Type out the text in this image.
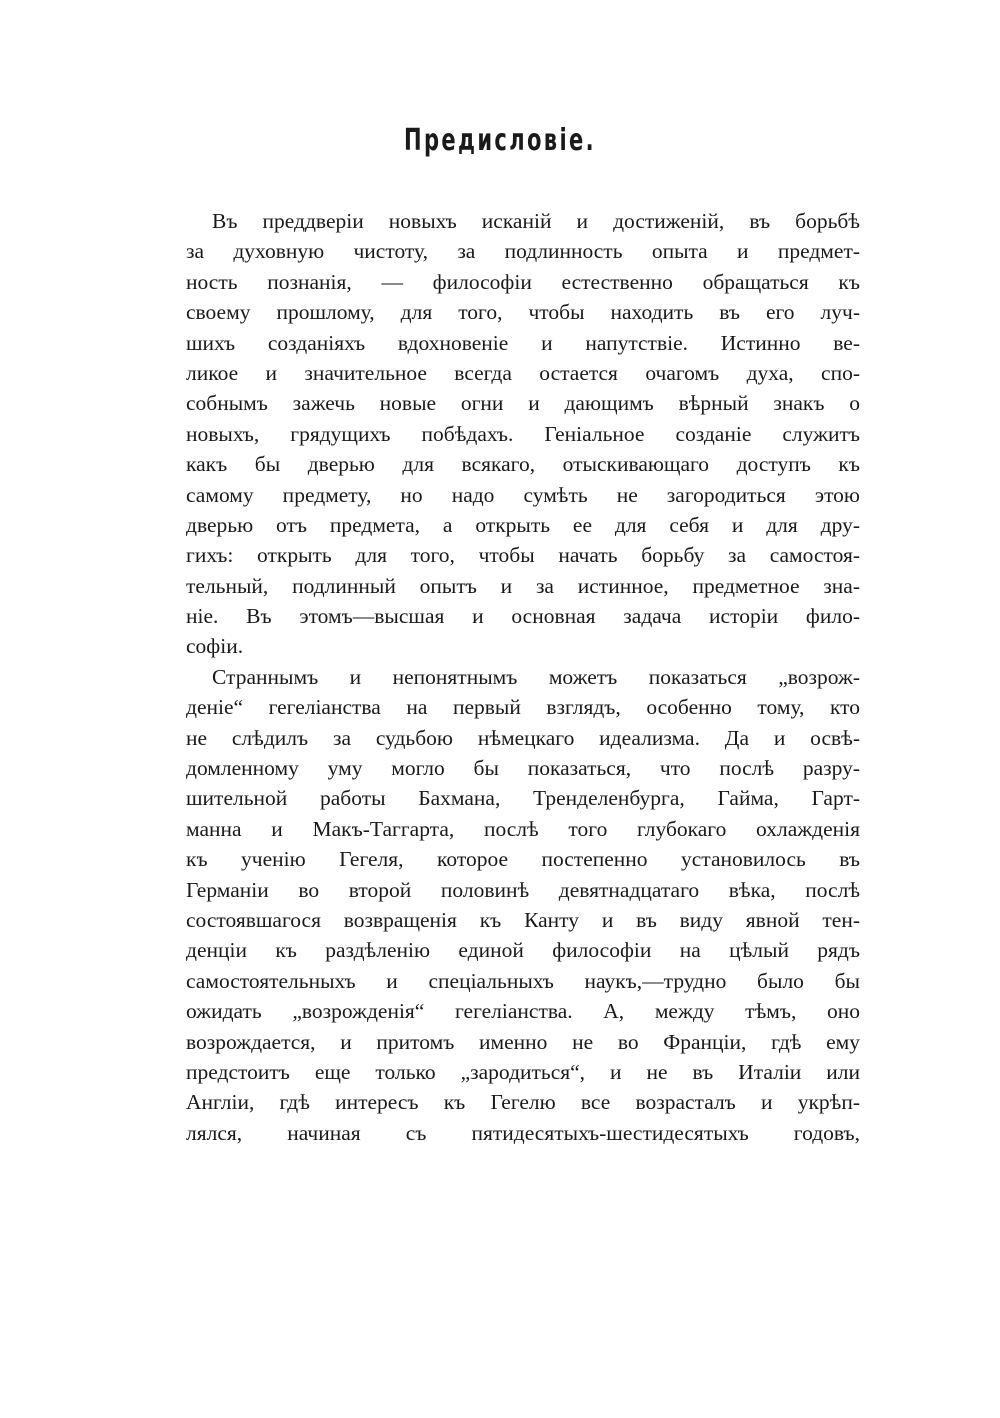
Предисловіе.
Въ преддверіи новыхъ исканій и достиженій, въ борьбѣ
за духовную чистоту, за подлинность опыта и предмет-
ность познанія, — философіи естественно обращаться къ
своему прошлому, для того, чтобы находить въ его луч-
шихъ созданіяхъ вдохновеніе и напутствіе. Истинно ве-
ликое и значительное всегда остается очагомъ духа, спо-
собнымъ зажечь новые огни и дающимъ вѣрный знакъ о
новыхъ, грядущихъ побѣдахъ. Геніальное созданіе служитъ
какъ бы дверью для всякаго, отыскивающаго доступъ къ
самому предмету, но надо сумѣть не загородиться этою
дверью отъ предмета, а открыть ее для себя и для дру-
гихъ: открыть для того, чтобы начать борьбу за самостоя-
тельный, подлинный опытъ и за истинное, предметное зна-
ніе. Въ этомъ—высшая и основная задача исторіи фило-
софіи.
Страннымъ и непонятнымъ можетъ показаться „возрож-
деніе“ гегеліанства на первый взглядъ, особенно тому, кто
не слѣдилъ за судьбою нѣмецкаго идеализма. Да и освѣ-
домленному уму могло бы показаться, что послѣ разру-
шительной работы Бахмана, Тренделенбурга, Гайма, Гарт-
манна и Макъ-Таггарта, послѣ того глубокаго охлажденія
къ ученію Гегеля, которое постепенно установилось въ
Германіи во второй половинѣ девятнадцатаго вѣка, послѣ
состоявшагося возвращенія къ Канту и въ виду явной тен-
денціи къ раздѣленію единой философіи на цѣлый рядъ
самостоятельныхъ и спеціальныхъ наукъ,—трудно было бы
ожидать „возрожденія“ гегеліанства. А, между тѣмъ, оно
возрождается, и притомъ именно не во Франціи, гдѣ ему
предстоитъ еще только „зародиться“, и не въ Италіи или
Англіи, гдѣ интересъ къ Гегелю все возрасталъ и укрѣп-
лялся, начиная съ пятидесятыхъ-шестидесятыхъ годовъ,
